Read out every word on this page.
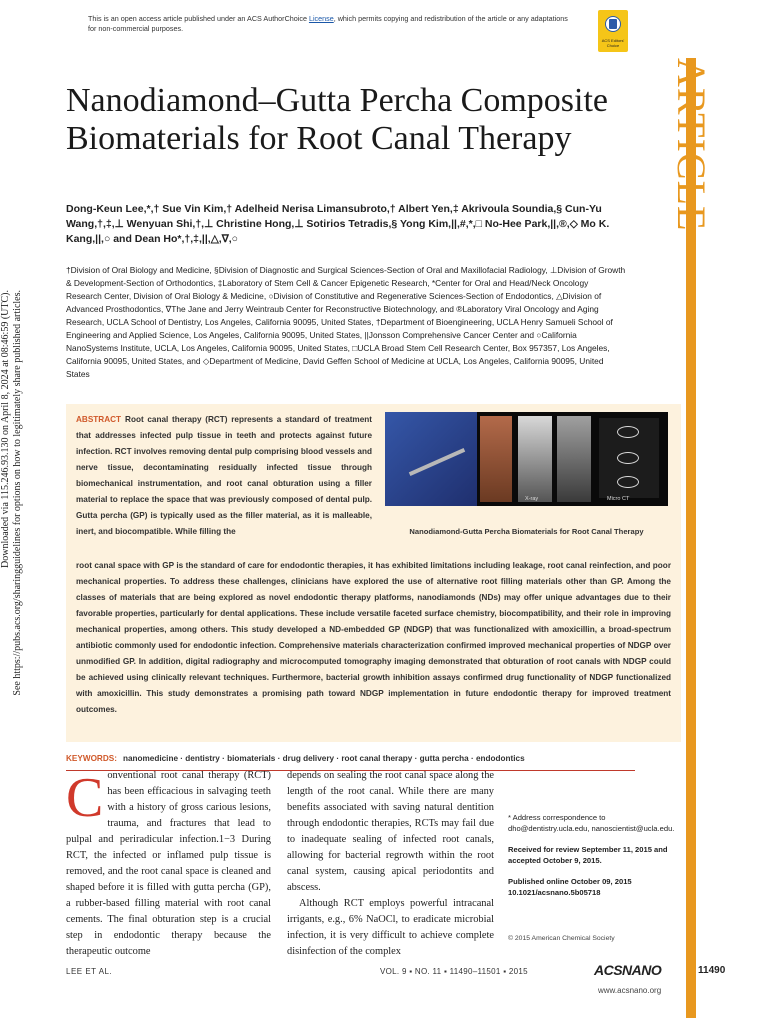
This is an open access article published under an ACS AuthorChoice License, which permits copying and redistribution of the article or any adaptations for non-commercial purposes.
ACS Editors' Choice
ARTICLE
Downloaded via 115.246.93.130 on April 8, 2024 at 08:46:59 (UTC). See https://pubs.acs.org/sharingguidelines for options on how to legitimately share published articles.
Nanodiamond–Gutta Percha Composite Biomaterials for Root Canal Therapy
Dong-Keun Lee,*,† Sue Vin Kim,† Adelheid Nerisa Limansubroto,† Albert Yen,‡ Akrivoula Soundia,§ Cun-Yu Wang,†,‡,⊥ Wenyuan Shi,†,⊥ Christine Hong,⊥ Sotirios Tetradis,§ Yong Kim,||,#,*,□ No-Hee Park,||,®,◇ Mo K. Kang,||,○ and Dean Ho*,†,‡,||,△,∇,○
†Division of Oral Biology and Medicine, §Division of Diagnostic and Surgical Sciences-Section of Oral and Maxillofacial Radiology, ⊥Division of Growth & Development-Section of Orthodontics, ‡Laboratory of Stem Cell & Cancer Epigenetic Research, *Center for Oral and Head/Neck Oncology Research Center, Division of Oral Biology & Medicine, ○Division of Constitutive and Regenerative Sciences-Section of Endodontics, △Division of Advanced Prosthodontics, ∇The Jane and Jerry Weintraub Center for Reconstructive Biotechnology, and ®Laboratory Viral Oncology and Aging Research, UCLA School of Dentistry, Los Angeles, California 90095, United States, †Department of Bioengineering, UCLA Henry Samueli School of Engineering and Applied Science, Los Angeles, California 90095, United States, ||Jonsson Comprehensive Cancer Center and ○California NanoSystems Institute, UCLA, Los Angeles, California 90095, United States, □UCLA Broad Stem Cell Research Center, Box 957357, Los Angeles, California 90095, United States, and ◇Department of Medicine, David Geffen School of Medicine at UCLA, Los Angeles, California 90095, United States
ABSTRACT Root canal therapy (RCT) represents a standard of treatment that addresses infected pulp tissue in teeth and protects against future infection. RCT involves removing dental pulp comprising blood vessels and nerve tissue, decontaminating residually infected tissue through biomechanical instrumentation, and root canal obturation using a filler material to replace the space that was previously composed of dental pulp. Gutta percha (GP) is typically used as the filler material, as it is malleable, inert, and biocompatible. While filling the
root canal space with GP is the standard of care for endodontic therapies, it has exhibited limitations including leakage, root canal reinfection, and poor mechanical properties. To address these challenges, clinicians have explored the use of alternative root filling materials other than GP. Among the classes of materials that are being explored as novel endodontic therapy platforms, nanodiamonds (NDs) may offer unique advantages due to their favorable properties, particularly for dental applications. These include versatile faceted surface chemistry, biocompatibility, and their role in improving mechanical properties, among others. This study developed a ND-embedded GP (NDGP) that was functionalized with amoxicillin, a broad-spectrum antibiotic commonly used for endodontic infection. Comprehensive materials characterization confirmed improved mechanical properties of NDGP over unmodified GP. In addition, digital radiography and microcomputed tomography imaging demonstrated that obturation of root canals with NDGP could be achieved using clinically relevant techniques. Furthermore, bacterial growth inhibition assays confirmed drug functionality of NDGP functionalized with amoxicillin. This study demonstrates a promising path toward NDGP implementation in future endodontic therapy for improved treatment outcomes.
X-ray	Micro CT
Nanodiamond-Gutta Percha Biomaterials for Root Canal Therapy
KEYWORDS: nanomedicine · dentistry · biomaterials · drug delivery · root canal therapy · gutta percha · endodontics
C onventional root canal therapy (RCT) has been efficacious in salvaging teeth with a history of gross carious lesions, trauma, and fractures that lead to pulpal and periradicular infection.1−3 During RCT, the infected or inflamed pulp tissue is removed, and the root canal space is cleaned and shaped before it is filled with gutta percha (GP), a rubber-based filling material with root canal cements. The final obturation step is a crucial step in endodontic therapy because the therapeutic outcome

depends on sealing the root canal space along the length of the root canal. While there are many benefits associated with saving natural dentition through endodontic therapies, RCTs may fail due to inadequate sealing of infected root canals, allowing for bacterial regrowth within the root canal system, causing apical periodontits and abscess.

Although RCT employs powerful intracanal irrigants, e.g., 6% NaOCl, to eradicate microbial infection, it is very difficult to achieve complete disinfection of the complex

* Address correspondence to dho@dentistry.ucla.edu, nanoscientist@ucla.edu.
Received for review September 11, 2015 and accepted October 9, 2015.
Published online October 09, 2015
10.1021/acsnano.5b05718
© 2015 American Chemical Society
LEE ET AL.	VOL. 9 ▪ NO. 11 ▪ 11490–11501 ▪ 2015	ACSNANO	11490
www.acsnano.org
